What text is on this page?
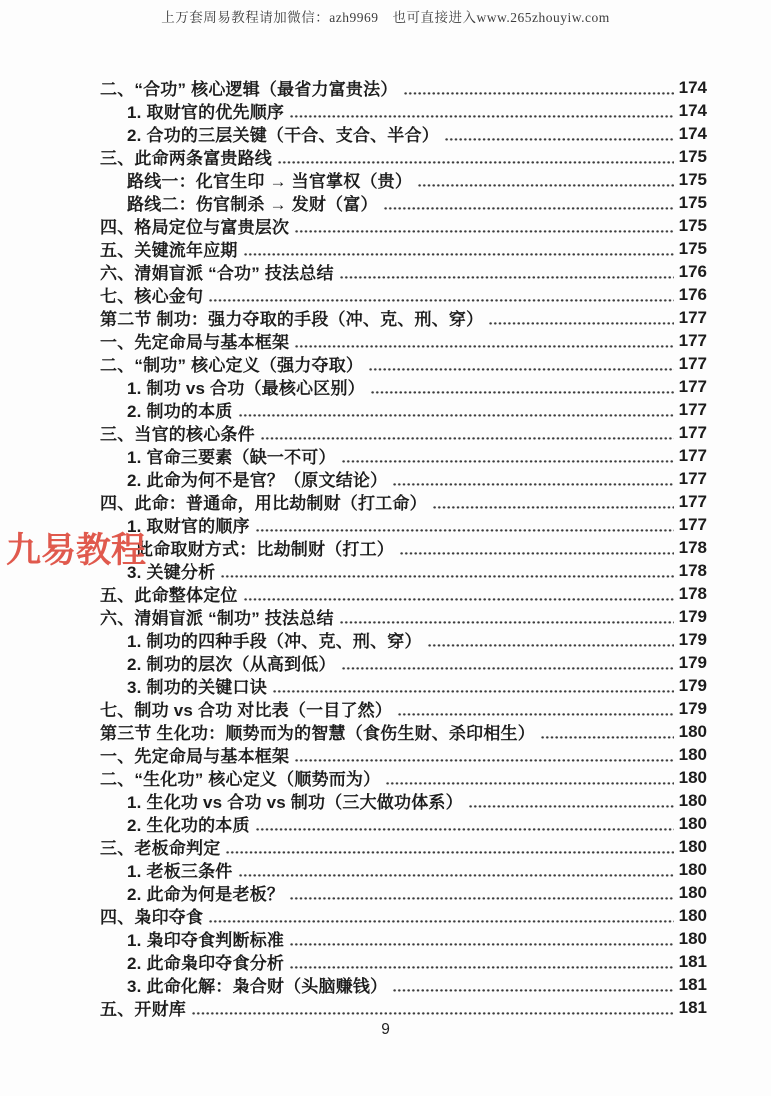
上万套周易教程请加微信：azh9969　也可直接进入www.265zhouyiw.com
二、“合功” 核心逻辑（最省力富贵法）	174
1. 取财官的优先顺序	174
2. 合功的三层关键（干合、支合、半合）	174
三、此命两条富贵路线	175
路线一：化官生印 → 当官掌权（贵）	175
路线二：伤官制杀 → 发财（富）	175
四、格局定位与富贵层次	175
五、关键流年应期	175
六、清娟盲派 “合功” 技法总结	176
七、核心金句	176
第二节 制功：强力夺取的手段（冲、克、刑、穿）	177
一、先定命局与基本框架	177
二、“制功” 核心定义（强力夺取）	177
1. 制功 vs 合功（最核心区别）	177
2. 制功的本质	177
三、当官的核心条件	177
1. 官命三要素（缺一不可）	177
2. 此命为何不是官？（原文结论）	177
四、此命：普通命，用比劫制财（打工命）	177
1. 取财官的顺序	177
此命取财方式：比劫制财（打工）	178
3. 关键分析	178
五、此命整体定位	178
六、清娟盲派 “制功” 技法总结	179
1. 制功的四种手段（冲、克、刑、穿）	179
2. 制功的层次（从高到低）	179
3. 制功的关键口诀	179
七、制功 vs 合功 对比表（一目了然）	179
第三节 生化功：顺势而为的智慧（食伤生财、杀印相生）	180
一、先定命局与基本框架	180
二、“生化功” 核心定义（顺势而为）	180
1. 生化功 vs 合功 vs 制功（三大做功体系）	180
2. 生化功的本质	180
三、老板命判定	180
1. 老板三条件	180
2. 此命为何是老板？	180
四、枭印夺食	180
1. 枭印夺食判断标准	180
2. 此命枭印夺食分析	181
3. 此命化解：枭合财（头脑赚钱）	181
五、开财库	181
九易教程
9
